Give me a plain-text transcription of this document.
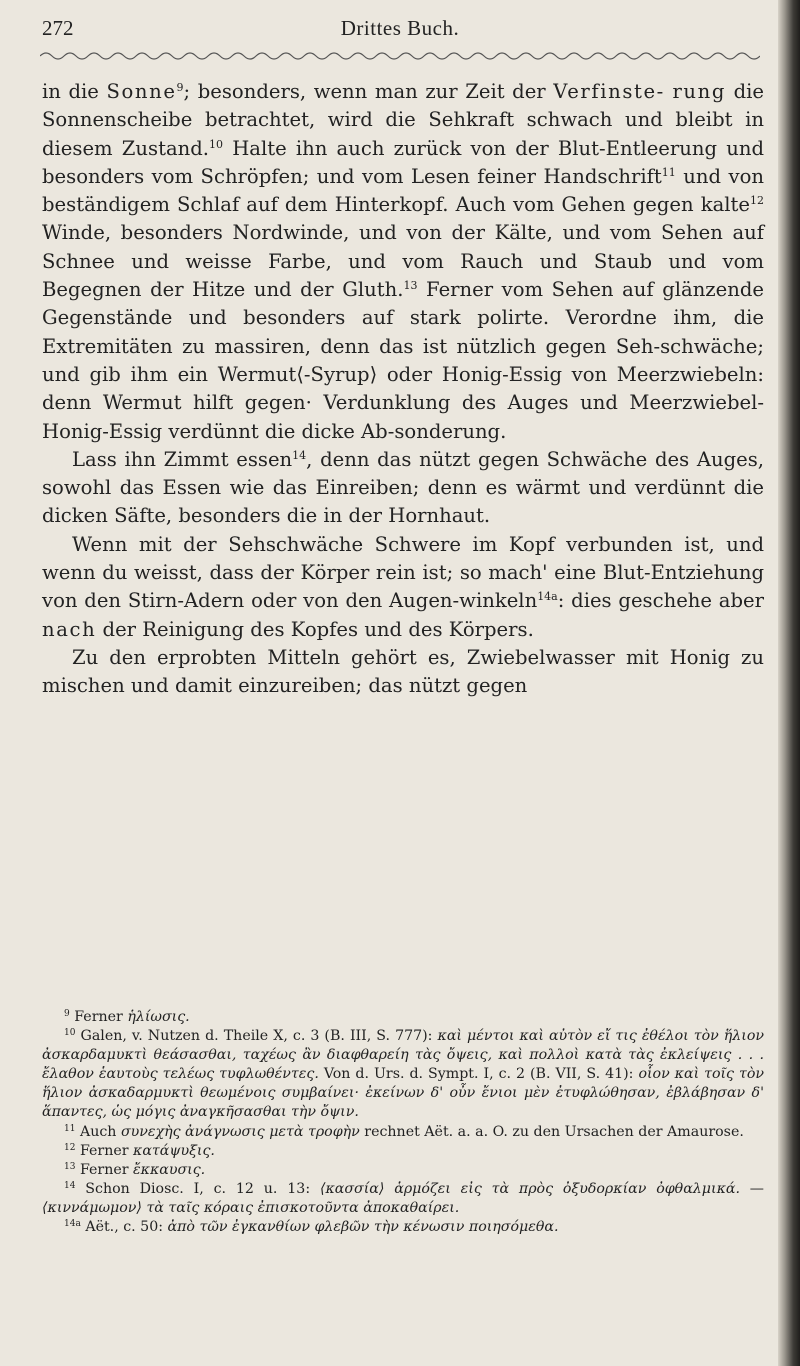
272	Drittes Buch.

in die Sonne$^9$; besonders, wenn man zur Zeit der Verfinste- rung die Sonnenscheibe betrachtet, wird die Sehkraft schwach und bleibt in diesem Zustand.$^{10}$ Halte ihn auch zurück von der Blut-Entleerung und besonders vom Schröpfen; und vom Lesen feiner Handschrift$^{11}$ und von beständigem Schlaf auf dem Hinterkopf. Auch vom Gehen gegen kalte$^{12}$ Winde, besonders Nordwinde, und von der Kälte, und vom Sehen auf Schnee und weisse Farbe, und vom Rauch und Staub und vom Begegnen der Hitze und der Gluth.$^{13}$ Ferner vom Sehen auf glänzende Gegenstände und besonders auf stark polirte. Verordne ihm, die Extremitäten zu massiren, denn das ist nützlich gegen Seh-schwäche; und gib ihm ein Wermut⟨-Syrup⟩ oder Honig-Essig von Meerzwiebeln: denn Wermut hilft gegen· Verdunklung des Auges und Meerzwiebel-Honig-Essig verdünnt die dicke Ab-sonderung.

Lass ihn Zimmt essen$^{14}$, denn das nützt gegen Schwäche des Auges, sowohl das Essen wie das Einreiben; denn es wärmt und verdünnt die dicken Säfte, besonders die in der Hornhaut.

Wenn mit der Sehschwäche Schwere im Kopf verbunden ist, und wenn du weisst, dass der Körper rein ist; so mach' eine Blut-Entziehung von den Stirn-Adern oder von den Augen-winkeln$^{14a}$: dies geschehe aber nach der Reinigung des Kopfes und des Körpers.

Zu den erprobten Mitteln gehört es, Zwiebelwasser mit Honig zu mischen und damit einzureiben; das nützt gegen

$^9$ Ferner ἡλίωσις.

$^{10}$ Galen, v. Nutzen d. Theile X, c. 3 (B. III, S. 777): καὶ μέντοι καὶ αὐτὸν εἴ τις ἐθέλοι τὸν ἥλιον ἀσκαρδαμυκτὶ θεάσασθαι, ταχέως ἂν διαφθαρείη τὰς ὄψεις, καὶ πολλοὶ κατὰ τὰς ἐκλείψεις . . . ἔλαθον ἑαυτοὺς τελέως τυφλωθέντες. Von d. Urs. d. Sympt. I, c. 2 (B. VII, S. 41): οἷον καὶ τοῖς τὸν ἥλιον ἀσκαδαρμυκτὶ θεωμένοις συμβαίνει· ἐκείνων δ' οὖν ἔνιοι μὲν ἐτυφλώθησαν, ἐβλάβησαν δ' ἅπαντες, ὡς μόγις ἀναγκῆσασθαι τὴν ὄψιν.

$^{11}$ Auch συνεχὴς ἀνάγνωσις μετὰ τροφὴν rechnet Aët. a. a. O. zu den Ursachen der Amaurose.

$^{12}$ Ferner κατάψυξις.

$^{13}$ Ferner ἔκκαυσις.

$^{14}$ Schon Diosc. I, c. 12 u. 13: ⟨κασσία⟩ ἁρμόζει εἰς τὰ πρὸς ὀξυδορκίαν ὀφθαλμικά. — ⟨κιννάμωμον⟩ τὰ ταῖς κόραις ἐπισκοτοῦντα ἀποκαθαίρει.

$^{14a}$ Aët., c. 50: ἀπὸ τῶν ἐγκανθίων φλεβῶν τὴν κένωσιν ποιησόμεθα.
